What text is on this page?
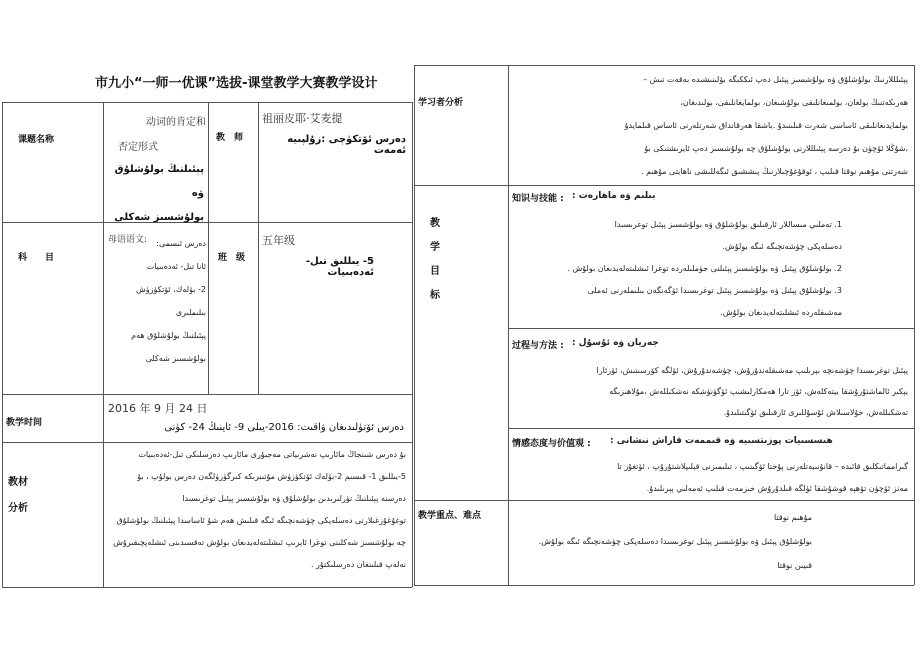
市九小“一师一优课”选拔-课堂教学大赛教学设计
课题名称
动词的肯定和
否定形式
پېئىلنىڭ بولۇشلۇق ۋە
بولۇشسىز شەكلى
教　师
祖丽皮耶·艾麦提
دەرس ئۆتكۈچى :زۇلپىيە ئەمەت
科　　目
母语语文:	دەرس ئىسمى:
ئانا تىل- ئەدەبىيات
2- بۆلەك، ئۆتكۈزۈش
بىلىملىرى
پېئىلنىڭ بولۇشلۇق ھەم
بولۇشسىز شەكلى
班　级
五年级
5- يىللىق تىل- ئەدەبىيات
教学时间
2016 年 9 月 24 日
دەرس ئۆتۈلىدىغان ۋاقىت: 2016-يىلى 9- ئاينىڭ 24- كۈنى
教材
分析
بۇ دەرس شىنجاڭ مائارىپ نەشرىياتى مەجبۇرى مائارىپ دەرسلىكى تىل-ئەدەبىيات
5-يىللىق 1- قىسىم 2-بۆلەك ئۆتكۈزۈش مۇتىبرىكە كىرگۈزۈلگەن دەرس بولۇپ ، بۇ
دەرسنە پېئىلنىڭ تۈرلىرىدىن بولۇشلۇق ۋە بولۇشسىز پېئىل توغرىسىدا
توغۇغۇزغىلارنى دەسلەپكى چۈشەنچىگە ئىگە قىلىش ھەم شۇ ئاساسدا پېئىلنىڭ بولۇشلۇق
چە بولۇشسىز شەكلىنى توغرا ئايرىپ ئىشلىتەلەيدىغان بولۇش تەقسىدىنى ئىشلەپچىقىرۇش
نەلەپ قىلىنغان دەرسلىكتۇر .
学习者分析
پېئىلللارنىڭ بولۇشلۇق ۋە بولۇشسىز پېئىل دەپ ئىككىگە بۆلىنىشىدە بەقەت تىش –
ھەرىكەتنىڭ بولغان، بولمىغانلىقى بولۇشىغان، بولمايغانلىقى، بولىدىغان،
بولمايدىغانلىقى ئاساسى شەرت قىلىنىدۇ .باشقا ھەرقانداق شەرتلەرنى ئاساس قىلمايدۇ
،شۇڭلا ئۆچۈن بۇ دەرسە پېئىلللارنى بولۇشلۇق چە بولۇشسىز دەپ ئايرىشتىكى بۇ
شەرتنى مۇھىم نوقتا قىلىپ ، ئوقۇغۇچىلارنىڭ پىششىق ئىگەللىشى ناھايتى مۇھىم .
教
学
目
标
知识与技能 : بىلىم ۋە ماھارەت :
1. تەملىي مىساللار ئارقىلىق بولۇشلۇق ۋە بولۇشسىز پېئىل توغرىسىدا
دەسلەپكى چۈشەنچىگە ئىگە بولۇش.
2. بولۇشلۇق پېئىل ۋە بولۇشسىز پېئىلنى جۈملىلەردە توغرا ئىشلىتەلەيدىغان بولۇش .
3. بولۇشلۇق پېئىل ۋە بولۇشسىز پېئىل توغرىسىدا ئۆگەنگەن بىلىملەرنى ئەملى
مەشىقلەردە ئىشلىتەلەيدىغان بولۇش.
过程与方法 : جەريان ۋە ئۇسۇل :
پېئىل توغرىسىدا چۈشەنچە بېرىلىپ مەشىقلەندۇرۇش، چۈشەندۇرۇش، ئۆلگە كۆرسىتىش، ئۆزئارا
يېكىر ئالماشتۇرۇشقا يېتەكلەش، ئۆز تارا ھەمكارلىشىپ ئۆگۈنۈشكە نەشكىللەش ،مۇلاھىزىگە
تەشكىللەش، خۇلاسىلاش ئۇسۇللىرى ئارقىلىق ئۆگىتىلىدۇ.
情感态度与价值观 : ھىسسىيات پوزىتسىيە ۋە قىممەت قاراش نىشانى :
گىرامماتىكلىق قائىدە – قانۇنىيەتلەرنى پۇختا ئۆگىنىپ ، تىلىمىزنى قېلىپلاشتۇرۇپ ، ئۆتغۇز تا
مەنز ئۆچۈن تۆھپە قوشۇشقا ئۈلگە قىلدۇرۇش خىزمەت قىلىپ ئەمەلىي پېرىلىدۇ.
教学重点、难点	مۇھىم نوقتا
بولۇشلۇق پېئىل ۋە بولۇشسىز پېئىل توغرىسىدا دەسلەپكى چۈشەنچىگە ئىگە بولۇش.
قىيىن نوقتا
